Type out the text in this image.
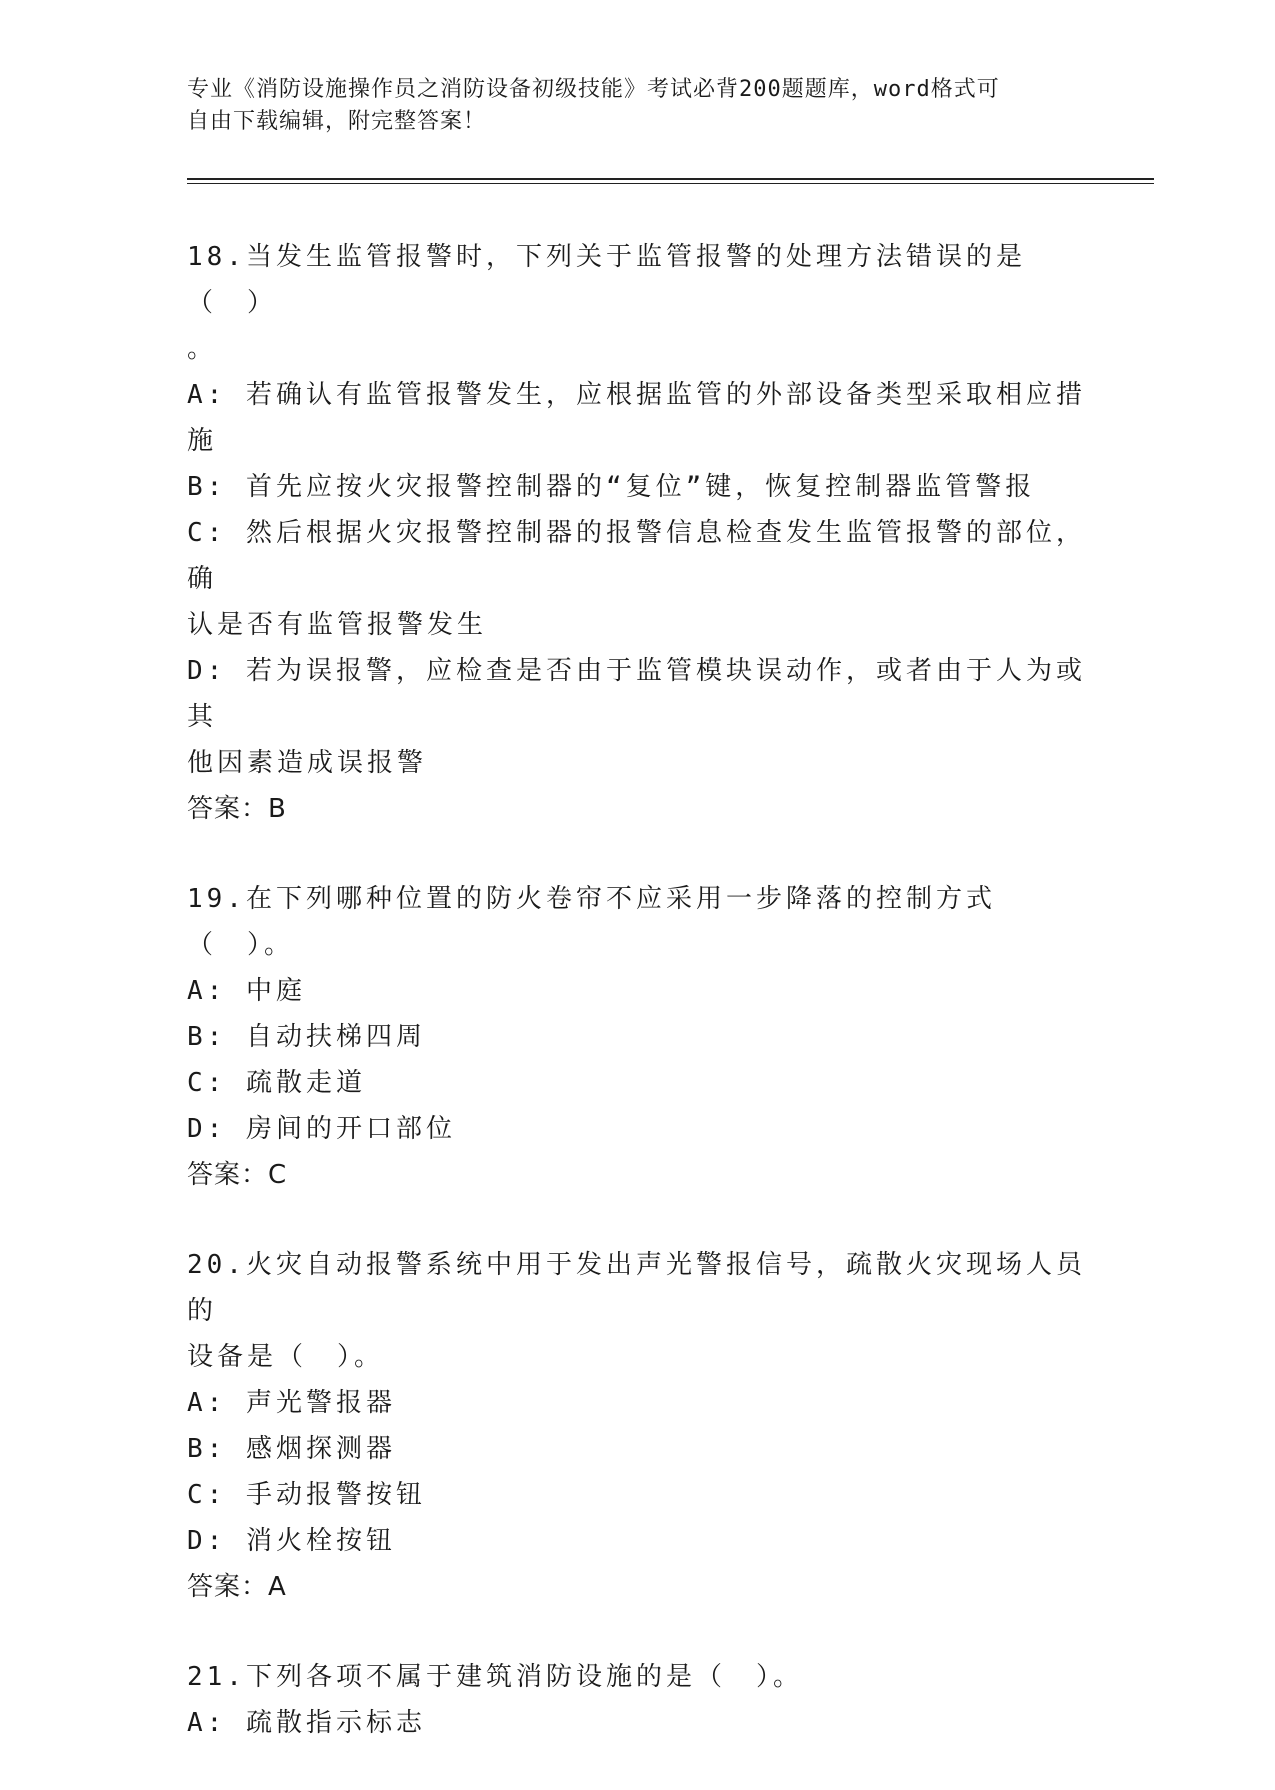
专业《消防设施操作员之消防设备初级技能》考试必背200题题库，word格式可
自由下载编辑，附完整答案！
18.当发生监管报警时，下列关于监管报警的处理方法错误的是（　）
。
A: 若确认有监管报警发生，应根据监管的外部设备类型采取相应措施
B: 首先应按火灾报警控制器的“复位”键，恢复控制器监管警报
C: 然后根据火灾报警控制器的报警信息检查发生监管报警的部位，确
认是否有监管报警发生
D: 若为误报警，应检查是否由于监管模块误动作，或者由于人为或其
他因素造成误报警
答案：B
19.在下列哪种位置的防火卷帘不应采用一步降落的控制方式（　）。
A: 中庭
B: 自动扶梯四周
C: 疏散走道
D: 房间的开口部位
答案：C
20.火灾自动报警系统中用于发出声光警报信号，疏散火灾现场人员的
设备是（　）。
A: 声光警报器
B: 感烟探测器
C: 手动报警按钮
D: 消火栓按钮
答案：A
21.下列各项不属于建筑消防设施的是（　）。
A: 疏散指示标志
